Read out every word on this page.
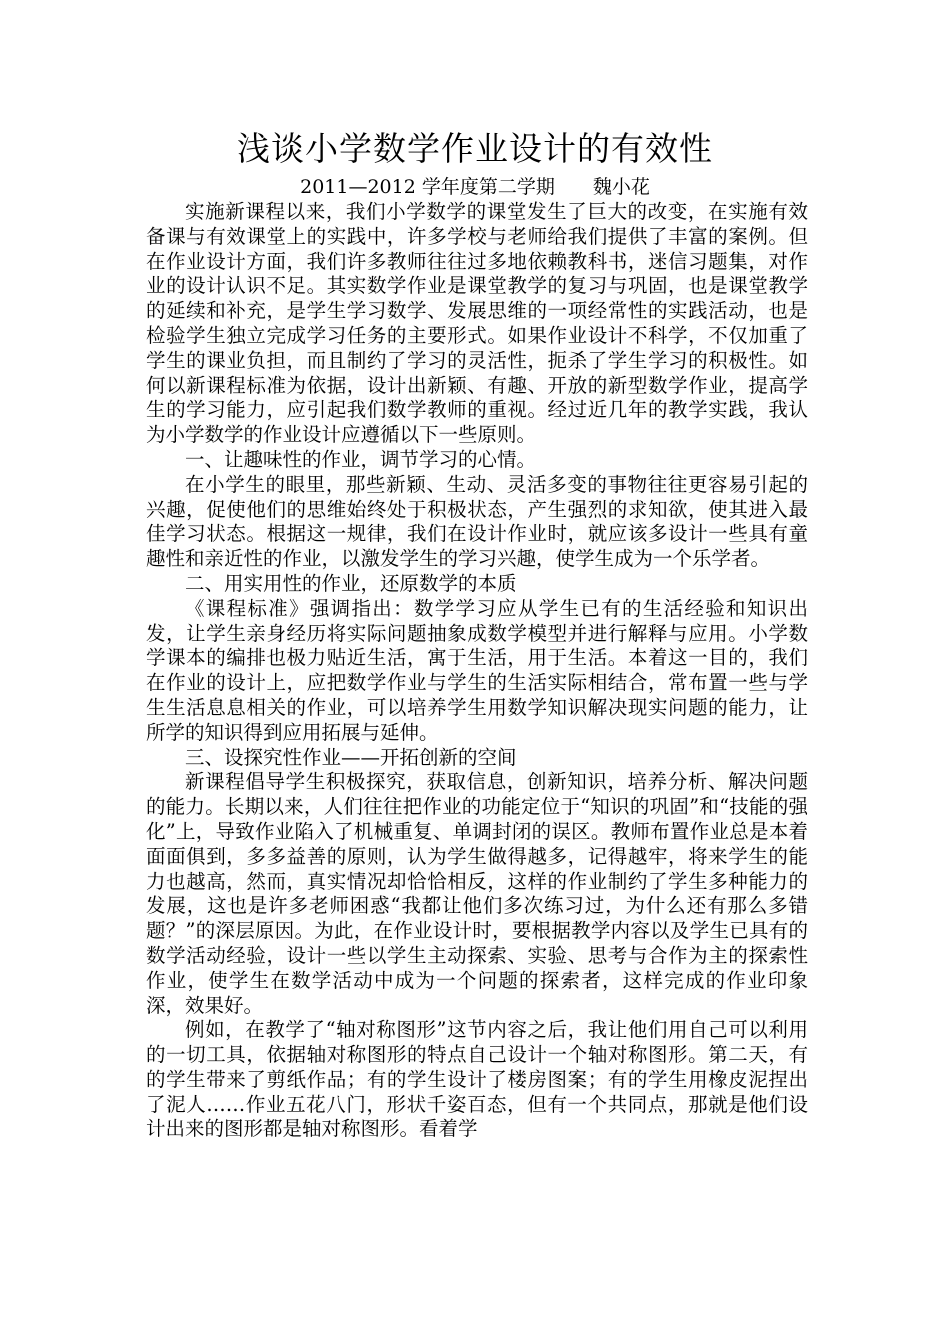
浅谈小学数学作业设计的有效性
2011—2012 学年度第二学期 魏小花

实施新课程以来，我们小学数学的课堂发生了巨大的改变，在实施有效备课与有效课堂上的实践中，许多学校与老师给我们提供了丰富的案例。但在作业设计方面，我们许多教师往往过多地依赖教科书，迷信习题集，对作业的设计认识不足。其实数学作业是课堂教学的复习与巩固，也是课堂教学的延续和补充，是学生学习数学、发展思维的一项经常性的实践活动，也是检验学生独立完成学习任务的主要形式。如果作业设计不科学，不仅加重了学生的课业负担，而且制约了学习的灵活性，扼杀了学生学习的积极性。如何以新课程标准为依据，设计出新颖、有趣、开放的新型数学作业，提高学生的学习能力，应引起我们数学教师的重视。经过近几年的教学实践，我认为小学数学的作业设计应遵循以下一些原则。

一、让趣味性的作业，调节学习的心情。

在小学生的眼里，那些新颖、生动、灵活多变的事物往往更容易引起的兴趣，促使他们的思维始终处于积极状态，产生强烈的求知欲，使其进入最佳学习状态。根据这一规律，我们在设计作业时，就应该多设计一些具有童趣性和亲近性的作业，以激发学生的学习兴趣，使学生成为一个乐学者。

二、用实用性的作业，还原数学的本质

《课程标准》强调指出：数学学习应从学生已有的生活经验和知识出发，让学生亲身经历将实际问题抽象成数学模型并进行解释与应用。小学数学课本的编排也极力贴近生活，寓于生活，用于生活。本着这一目的，我们在作业的设计上，应把数学作业与学生的生活实际相结合，常布置一些与学生生活息息相关的作业，可以培养学生用数学知识解决现实问题的能力，让所学的知识得到应用拓展与延伸。

三、设探究性作业——开拓创新的空间

新课程倡导学生积极探究，获取信息，创新知识，培养分析、解决问题的能力。长期以来，人们往往把作业的功能定位于“知识的巩固”和“技能的强化”上，导致作业陷入了机械重复、单调封闭的误区。教师布置作业总是本着面面俱到，多多益善的原则，认为学生做得越多，记得越牢，将来学生的能力也越高，然而，真实情况却恰恰相反，这样的作业制约了学生多种能力的发展，这也是许多老师困惑“我都让他们多次练习过，为什么还有那么多错题？”的深层原因。为此，在作业设计时，要根据教学内容以及学生已具有的数学活动经验，设计一些以学生主动探索、实验、思考与合作为主的探索性作业，使学生在数学活动中成为一个问题的探索者，这样完成的作业印象深，效果好。

例如，在教学了“轴对称图形”这节内容之后，我让他们用自己可以利用的一切工具，依据轴对称图形的特点自己设计一个轴对称图形。第二天，有的学生带来了剪纸作品；有的学生设计了楼房图案；有的学生用橡皮泥捏出了泥人……作业五花八门，形状千姿百态，但有一个共同点，那就是他们设计出来的图形都是轴对称图形。看着学
